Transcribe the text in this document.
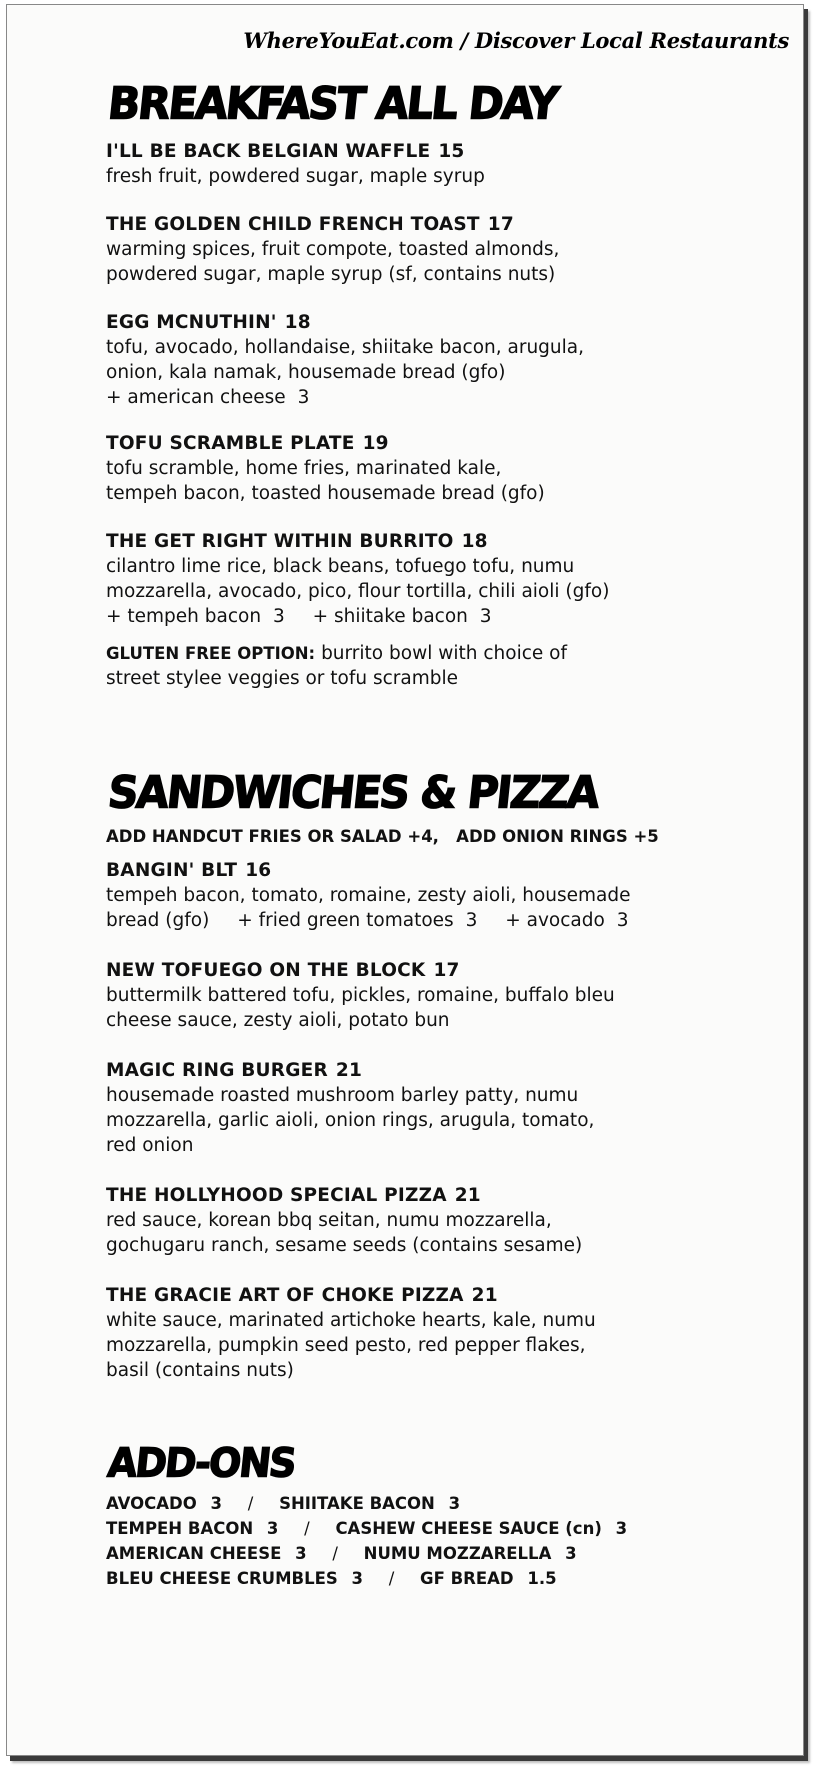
WhereYouEat.com / Discover Local Restaurants
BREAKFAST ALL DAY
I'LL BE BACK BELGIAN WAFFLE 15
fresh fruit, powdered sugar, maple syrup
THE GOLDEN CHILD FRENCH TOAST 17
warming spices, fruit compote, toasted almonds,
powdered sugar, maple syrup (sf, contains nuts)
EGG MCNUTHIN' 18
tofu, avocado, hollandaise, shiitake bacon, arugula,
onion, kala namak, housemade bread (gfo)
+ american cheese 3
TOFU SCRAMBLE PLATE 19
tofu scramble, home fries, marinated kale,
tempeh bacon, toasted housemade bread (gfo)
THE GET RIGHT WITHIN BURRITO 18
cilantro lime rice, black beans, tofuego tofu, numu
mozzarella, avocado, pico, flour tortilla, chili aioli (gfo)
+ tempeh bacon 3 + shiitake bacon 3
GLUTEN FREE OPTION: burrito bowl with choice of
street stylee veggies or tofu scramble
SANDWICHES & PIZZA
ADD HANDCUT FRIES OR SALAD +4,   ADD ONION RINGS +5
BANGIN' BLT 16
tempeh bacon, tomato, romaine, zesty aioli, housemade
bread (gfo) + fried green tomatoes 3 + avocado 3
NEW TOFUEGO ON THE BLOCK 17
buttermilk battered tofu, pickles, romaine, buffalo bleu
cheese sauce, zesty aioli, potato bun
MAGIC RING BURGER 21
housemade roasted mushroom barley patty, numu
mozzarella, garlic aioli, onion rings, arugula, tomato,
red onion
THE HOLLYHOOD SPECIAL PIZZA 21
red sauce, korean bbq seitan, numu mozzarella,
gochugaru ranch, sesame seeds (contains sesame)
THE GRACIE ART OF CHOKE PIZZA 21
white sauce, marinated artichoke hearts, kale, numu
mozzarella, pumpkin seed pesto, red pepper flakes,
basil (contains nuts)
ADD-ONS
AVOCADO 3 / SHIITAKE BACON 3
TEMPEH BACON 3 / CASHEW CHEESE SAUCE (cn) 3
AMERICAN CHEESE 3 / NUMU MOZZARELLA 3
BLEU CHEESE CRUMBLES 3 / GF BREAD 1.5
